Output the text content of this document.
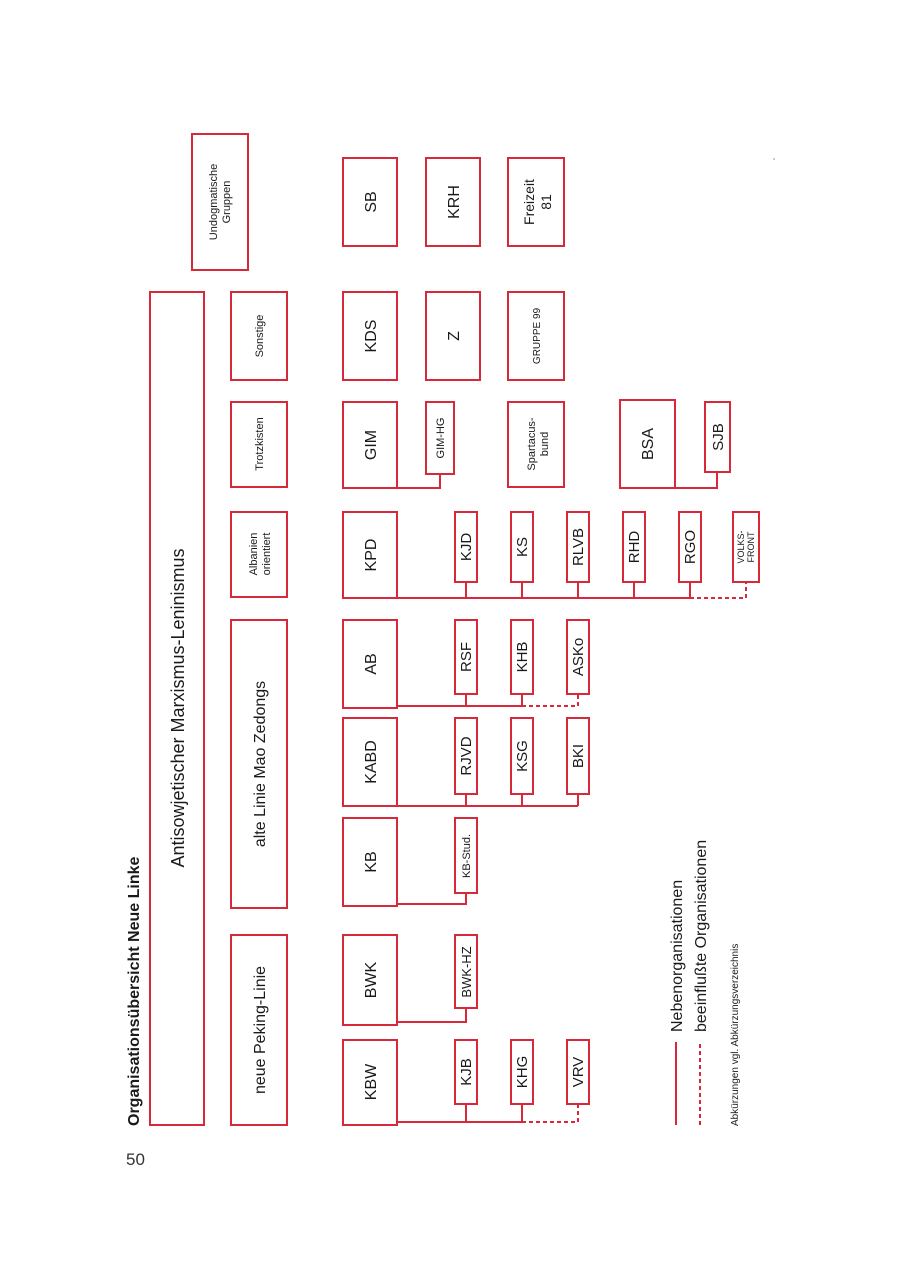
50
Organisationsübersicht Neue Linke
Antisowjetischer Marxismus-Leninismus
neue Peking-Linie
alte Linie Mao Zedongs
Albanien orientiert
Trotzkisten
Sonstige
Undogmatische Gruppen
KBW
BWK
KB
KABD
AB
KPD
GIM
KDS
SB
KJB	KHG	VRV
BWK-HZ
KB-Stud.
RJVD	KSG	BKI
RSF	KHB	ASKo
KJD	KS	RLVB	RHD	RGO	VOLKS- FRONT
GIM-HG	Spartacus- bund	BSA	SJB
Z	GRUPPE 99
KRH	Freizeit 81
Nebenorganisationen beeinflußte Organisationen
Abkürzungen vgl. Abkürzungsverzeichnis
